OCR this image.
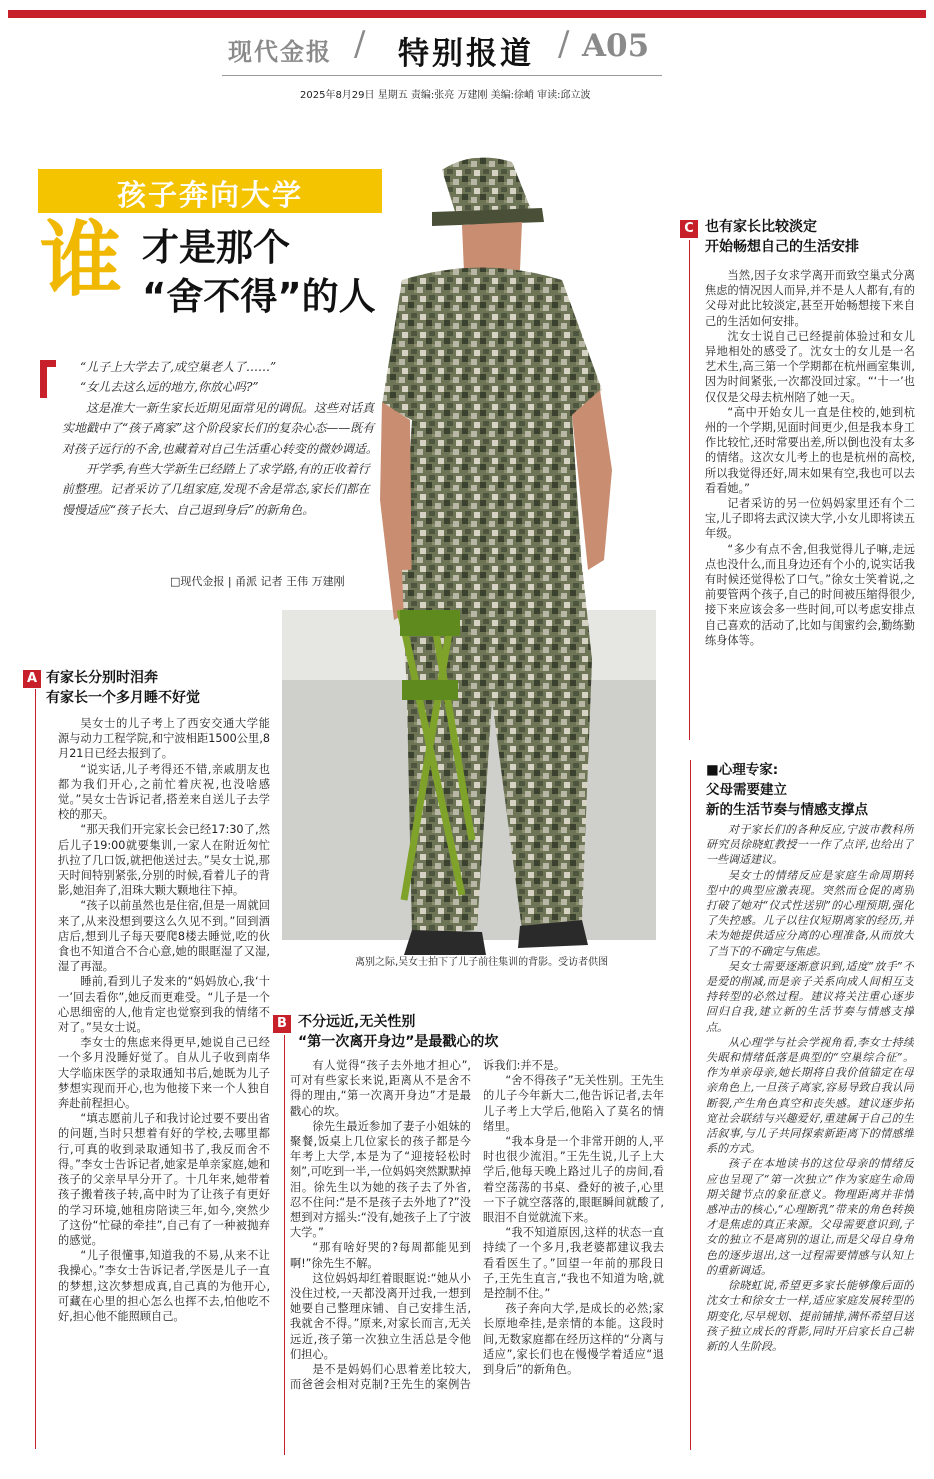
现代金报 / 特别报道 / A05
2025年8月29日 星期五 责编:张亮 万建刚 美编:徐峭 审读:邱立波
孩子奔向大学
谁 才是那个
“舍不得”的人

“儿子上大学去了,成空巢老人了……”

“女儿去这么远的地方,你放心吗?”

这是准大一新生家长近期见面常见的调侃。这些对话真实地戳中了“孩子离家”这个阶段家长们的复杂心态——既有对孩子远行的不舍,也藏着对自己生活重心转变的微妙调适。

开学季,有些大学新生已经踏上了求学路,有的正收着行前整理。记者采访了几组家庭,发现不舍是常态,家长们都在慢慢适应“孩子长大、自己退到身后”的新角色。

□现代金报 | 甬派 记者 王伟 万建刚
离别之际,吴女士拍下了儿子前往集训的背影。受访者供图
A 有家长分别时泪奔
有家长一个多月睡不好觉

吴女士的儿子考上了西安交通大学能源与动力工程学院,和宁波相距1500公里,8月21日已经去报到了。

“说实话,儿子考得还不错,亲戚朋友也都为我们开心,之前忙着庆祝,也没啥感觉。”吴女士告诉记者,搭差来自送儿子去学校的那天。

“那天我们开完家长会已经17:30了,然后儿子19:00就要集训,一家人在附近匆忙扒拉了几口饭,就把他送过去。”吴女士说,那天时间特别紧张,分别的时候,看着儿子的背影,她泪奔了,泪珠大颗大颗地往下掉。

“孩子以前虽然也是住宿,但是一周就回来了,从来没想到要这么久见不到。”回到酒店后,想到儿子每天要爬8楼去睡觉,吃的伙食也不知道合不合心意,她的眼眶湿了又湿,湿了再湿。

睡前,看到儿子发来的“妈妈放心,我‘十一’回去看你”,她反而更难受。“儿子是一个心思细密的人,他肯定也觉察到我的情绪不对了。”吴女士说。

李女士的焦虑来得更早,她说自己已经一个多月没睡好觉了。自从儿子收到南华大学临床医学的录取通知书后,她既为儿子梦想实现而开心,也为他接下来一个人独自奔赴前程担心。

“填志愿前儿子和我讨论过要不要出省的问题,当时只想着有好的学校,去哪里都行,可真的收到录取通知书了,我反而舍不得。”李女士告诉记者,她家是单亲家庭,她和孩子的父亲早早分开了。十几年来,她带着孩子搬着孩子转,高中时为了让孩子有更好的学习环境,她租房陪读三年,如今,突然少了这份“忙碌的牵挂”,自己有了一种被抛弃的感觉。

“儿子很懂事,知道我的不易,从来不让我操心。”李女士告诉记者,学医是儿子一直的梦想,这次梦想成真,自己真的为他开心,可藏在心里的担心怎么也挥不去,怕他吃不好,担心他不能照顾自己。

B 不分远近,无关性别
“第一次离开身边”是最戳心的坎

有人觉得“孩子去外地才担心”,可对有些家长来说,距离从不是舍不得的理由,“第一次离开身边”才是最戳心的坎。

徐先生最近参加了妻子小姐妹的聚餐,饭桌上几位家长的孩子都是今年考上大学,本是为了“迎接轻松时刻”,可吃到一半,一位妈妈突然默默掉泪。徐先生以为她的孩子去了外省,忍不住问:“是不是孩子去外地了?”没想到对方摇头:“没有,她孩子上了宁波大学。”

“那有啥好哭的?每周都能见到啊!”徐先生不解。

这位妈妈却红着眼眶说:“她从小没住过校,一天都没离开过我,一想到她要自己整理床铺、自己安排生活,我就舍不得。”原来,对家长而言,无关远近,孩子第一次独立生活总是令他们担心。

是不是妈妈们心思着差比较大,而爸爸会相对克制?王先生的案例告诉我们:并不是。

“舍不得孩子”无关性别。王先生的儿子今年新大二,他告诉记者,去年儿子考上大学后,他陷入了莫名的情绪里。

“我本身是一个非常开朗的人,平时也很少流泪。”王先生说,儿子上大学后,他每天晚上路过儿子的房间,看着空荡荡的书桌、叠好的被子,心里一下子就空落落的,眼眶瞬间就酸了,眼泪不自觉就流下来。

“我不知道原因,这样的状态一直持续了一个多月,我老婆都建议我去看看医生了。”回望一年前的那段日子,王先生直言,“我也不知道为啥,就是控制不住。”

孩子奔向大学,是成长的必然;家长原地牵挂,是亲情的本能。这段时间,无数家庭都在经历这样的“分离与适应”,家长们也在慢慢学着适应“退到身后”的新角色。

C 也有家长比较淡定
开始畅想自己的生活安排

当然,因子女求学离开而致空巢式分离焦虑的情况因人而异,并不是人人都有,有的父母对此比较淡定,甚至开始畅想接下来自己的生活如何安排。

沈女士说自己已经提前体验过和女儿异地相处的感受了。沈女士的女儿是一名艺术生,高三第一个学期都在杭州画室集训,因为时间紧张,一次都没回过家。“‘十一’也仅仅是父母去杭州陪了她一天。

“高中开始女儿一直是住校的,她到杭州的一个学期,见面时间更少,但是我本身工作比较忙,还时常要出差,所以倒也没有太多的情绪。这次女儿考上的也是杭州的高校,所以我觉得还好,周末如果有空,我也可以去看看她。”

记者采访的另一位妈妈家里还有个二宝,儿子即将去武汉读大学,小女儿即将读五年级。

“多少有点不舍,但我觉得儿子嘛,走远点也没什么,而且身边还有个小的,说实话我有时候还觉得松了口气。”徐女士笑着说,之前要管两个孩子,自己的时间被压缩得很少,接下来应该会多一些时间,可以考虑安排点自己喜欢的活动了,比如与闺蜜约会,勤练勤练身体等。

■心理专家:
父母需要建立
新的生活节奏与情感支撑点

对于家长们的各种反应,宁波市教科所研究员徐晓虹教授一一作了点评,也给出了一些调适建议。

吴女士的情绪反应是家庭生命周期转型中的典型应激表现。突然而仓促的离别打破了她对“仪式性送别”的心理预期,强化了失控感。儿子以往仅短期离家的经历,并未为她提供适应分离的心理准备,从而放大了当下的不确定与焦虑。

吴女士需要逐渐意识到,适度“放手”不是爱的削减,而是亲子关系向成人间相互支持转型的必然过程。建议将关注重心逐步回归自我,建立新的生活节奏与情感支撑点。

从心理学与社会学视角看,李女士持续失眠和情绪低落是典型的“空巢综合征”。作为单亲母亲,她长期将自我价值锚定在母亲角色上,一旦孩子离家,容易导致自我认同断裂,产生角色真空和丧失感。建议逐步拓宽社会联结与兴趣爱好,重建属于自己的生活叙事,与儿子共同探索新距离下的情感维系的方式。

孩子在本地读书的这位母亲的情绪反应也呈现了“第一次独立”作为家庭生命周期关键节点的象征意义。物理距离并非情感冲击的核心,“心理断乳”带来的角色转换才是焦虑的真正来源。父母需要意识到,子女的独立不是离别的退让,而是父母自身角色的逐步退出,这一过程需要情感与认知上的重新调适。

徐晓虹说,希望更多家长能够像后面的沈女士和徐女士一样,适应家庭发展转型的期变化,尽早规划、提前铺排,满怀希望目送孩子独立成长的背影,同时开启家长自己崭新的人生阶段。
